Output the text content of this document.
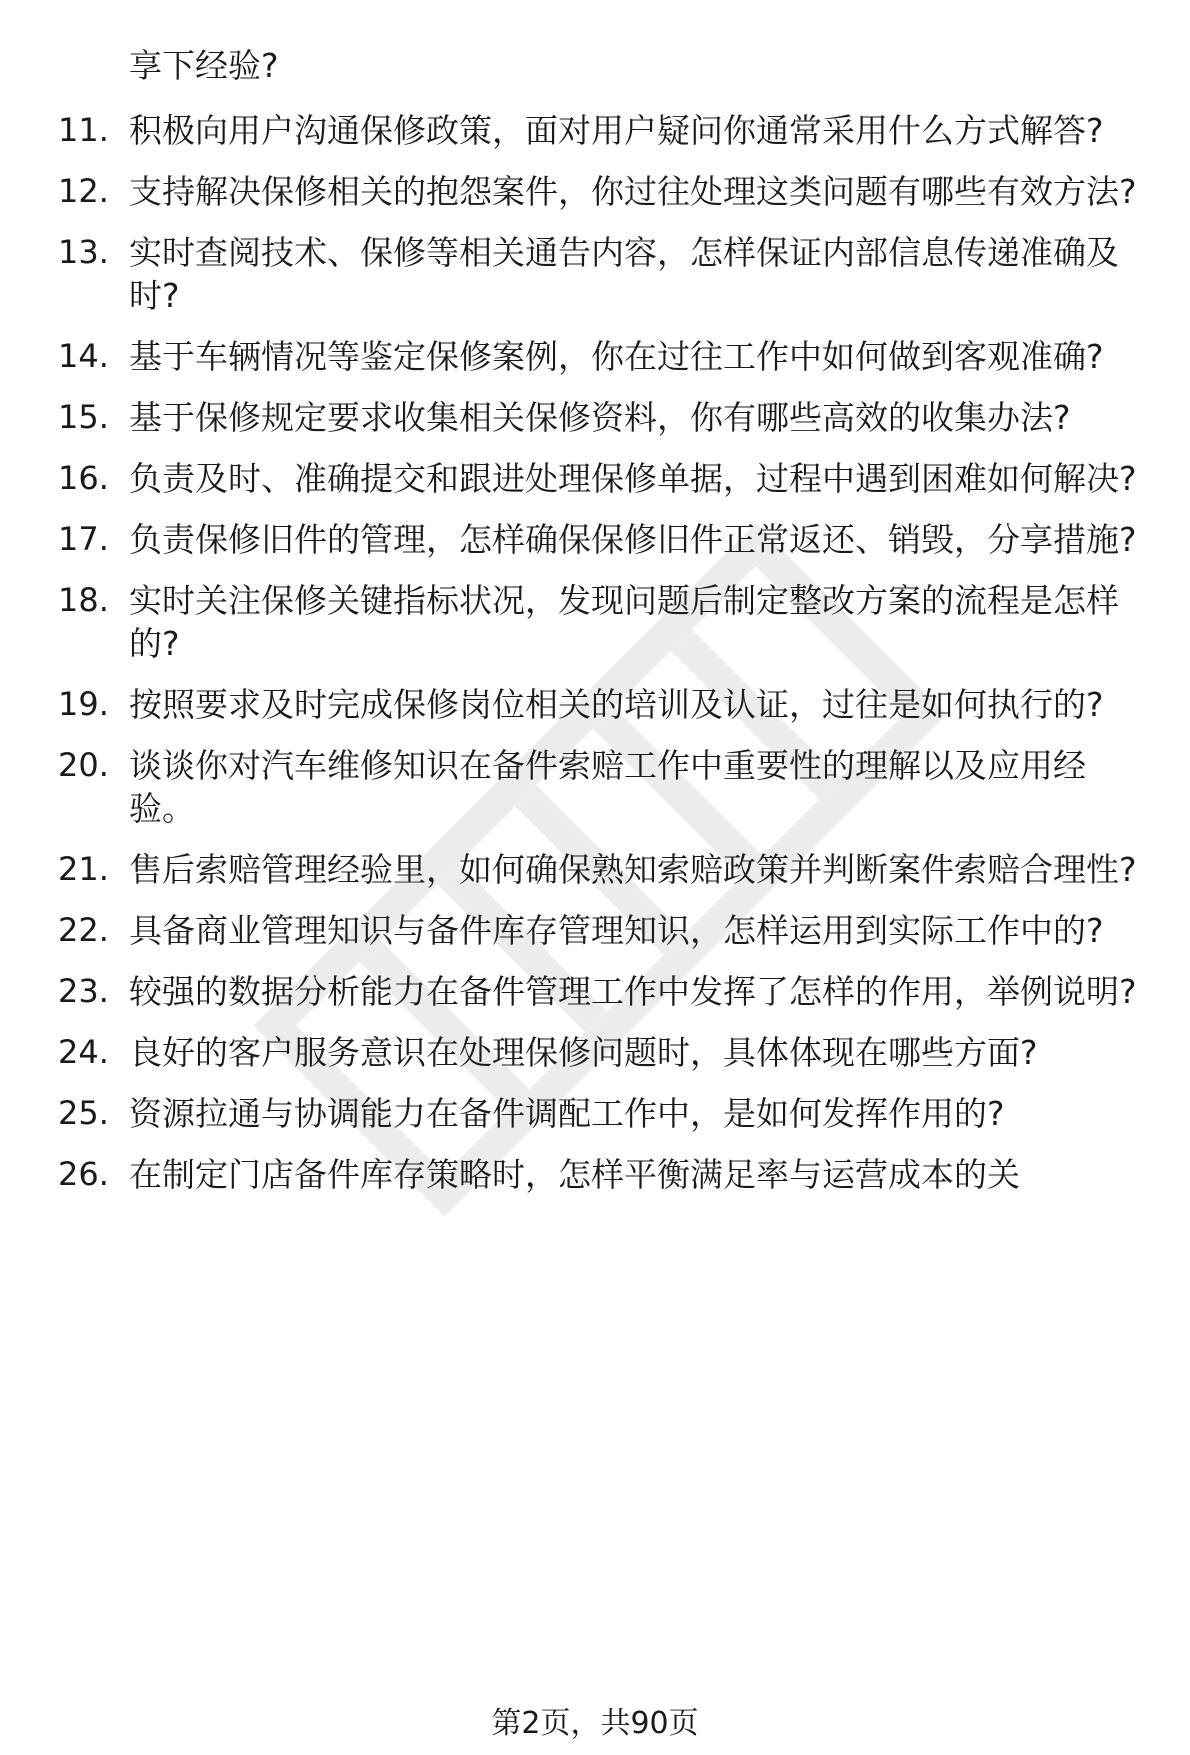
享下经验?
11. 积极向用户沟通保修政策，面对用户疑问你通常采用什么方式解答?
12. 支持解决保修相关的抱怨案件，你过往处理这类问题有哪些有效方法?
13. 实时查阅技术、保修等相关通告内容，怎样保证内部信息传递准确及时?
14. 基于车辆情况等鉴定保修案例，你在过往工作中如何做到客观准确?
15. 基于保修规定要求收集相关保修资料，你有哪些高效的收集办法?
16. 负责及时、准确提交和跟进处理保修单据，过程中遇到困难如何解决?
17. 负责保修旧件的管理，怎样确保保修旧件正常返还、销毁，分享措施?
18. 实时关注保修关键指标状况，发现问题后制定整改方案的流程是怎样的?
19. 按照要求及时完成保修岗位相关的培训及认证，过往是如何执行的?
20. 谈谈你对汽车维修知识在备件索赔工作中重要性的理解以及应用经验。
21. 售后索赔管理经验里，如何确保熟知索赔政策并判断案件索赔合理性?
22. 具备商业管理知识与备件库存管理知识，怎样运用到实际工作中的?
23. 较强的数据分析能力在备件管理工作中发挥了怎样的作用，举例说明?
24. 良好的客户服务意识在处理保修问题时，具体体现在哪些方面?
25. 资源拉通与协调能力在备件调配工作中，是如何发挥作用的?
26. 在制定门店备件库存策略时，怎样平衡满足率与运营成本的关
第2页，共90页
